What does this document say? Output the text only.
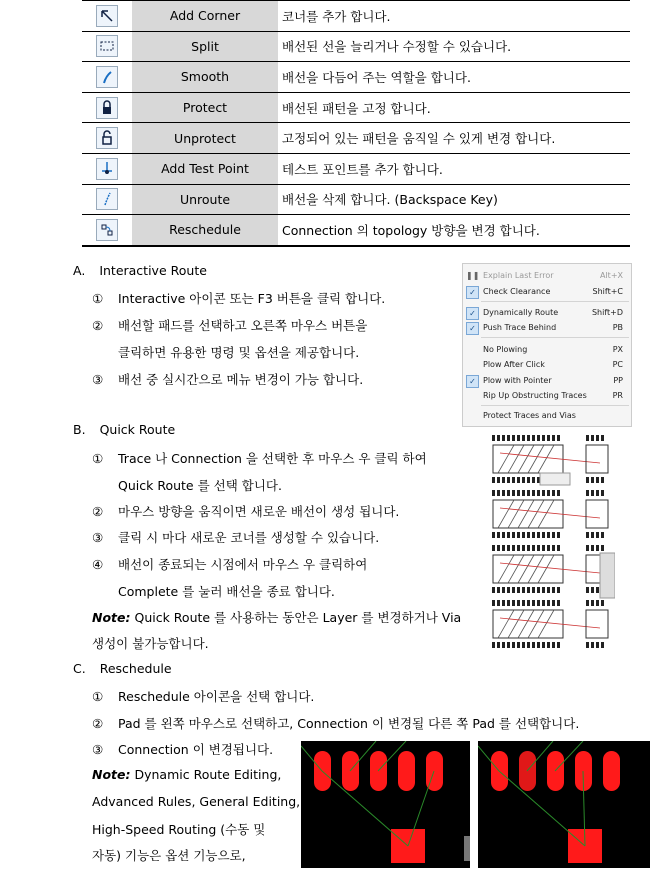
	Add Corner	코너를 추가 합니다.

	Split	배선된 선을 늘리거나 수정할 수 있습니다.

	Smooth	배선을 다듬어 주는 역할을 합니다.

	Protect	배선된 패턴을 고정 합니다.

	Unprotect	고정되어 있는 패턴을 움직일 수 있게 변경 합니다.

	Add Test Point	테스트 포인트를 추가 합니다.

	Unroute	배선을 삭제 합니다. (Backspace Key)

	Reschedule	Connection 의 topology 방향을 변경 합니다.
A. Interactive Route
① Interactive 아이콘 또는 F3 버튼을 클릭 합니다.
② 배선할 패드를 선택하고 오른쪽 마우스 버튼을
클릭하면 유용한 명령 및 옵션을 제공합니다.
③ 배선 중 실시간으로 메뉴 변경이 가능 합니다.
Explain Last Error	Alt+X
Check Clearance	Shift+C
✓
Dynamically Route	Shift+D
✓
Push Trace Behind	PB
✓
No Plowing	PX
Plow After Click	PC
Plow with Pointer	PP
✓
Rip Up Obstructing Traces	PR
Protect Traces and Vias
❚❚
B. Quick Route
① Trace 나 Connection 을 선택한 후 마우스 우 클릭 하여
Quick Route 를 선택 합니다.
② 마우스 방향을 움직이면 새로운 배선이 생성 됩니다.
③ 클릭 시 마다 새로운 코너를 생성할 수 있습니다.
④ 배선이 종료되는 시점에서 마우스 우 클릭하여
Complete 를 눌러 배선을 종료 합니다.
Note: Quick Route 를 사용하는 동안은 Layer 를 변경하거나 Via
생성이 불가능합니다.
C. Reschedule
① Reschedule 아이콘을 선택 합니다.
② Pad 를 왼쪽 마우스로 선택하고, Connection 이 변경될 다른 쪽 Pad 를 선택합니다.
③ Connection 이 변경됩니다.
Note: Dynamic Route Editing,
Advanced Rules, General Editing,
High-Speed Routing (수동 및
자동) 기능은 옵션 기능으로,
